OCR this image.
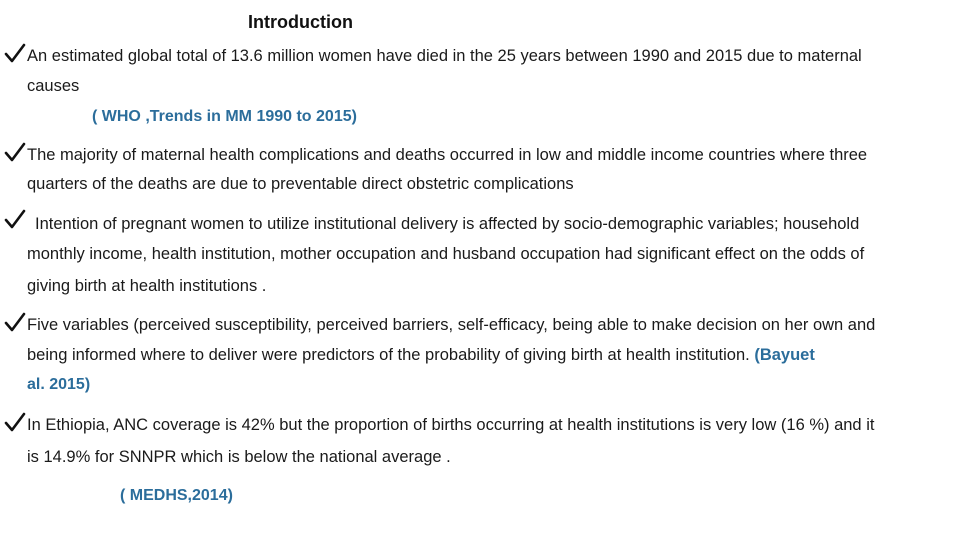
Introduction
An estimated global total of 13.6 million women have died in the 25 years between 1990 and 2015 due to maternal
causes
( WHO ,Trends in MM 1990 to 2015)
The majority of maternal health complications and deaths occurred in low and middle income countries where three
quarters of the deaths are due to preventable direct obstetric complications
Intention of pregnant women to utilize institutional delivery is affected by socio-demographic variables; household
monthly income, health institution, mother occupation and husband occupation had significant effect on the odds of
giving birth at health institutions .
Five variables (perceived susceptibility, perceived barriers, self-efficacy, being able to make decision on her own and
being informed where to deliver were predictors of the probability of giving birth at health institution. (Bayuet
al. 2015)
In Ethiopia, ANC coverage is 42% but the proportion of births occurring at health institutions is very low (16 %) and it
is 14.9% for SNNPR which is below the national average .
( MEDHS,2014)
